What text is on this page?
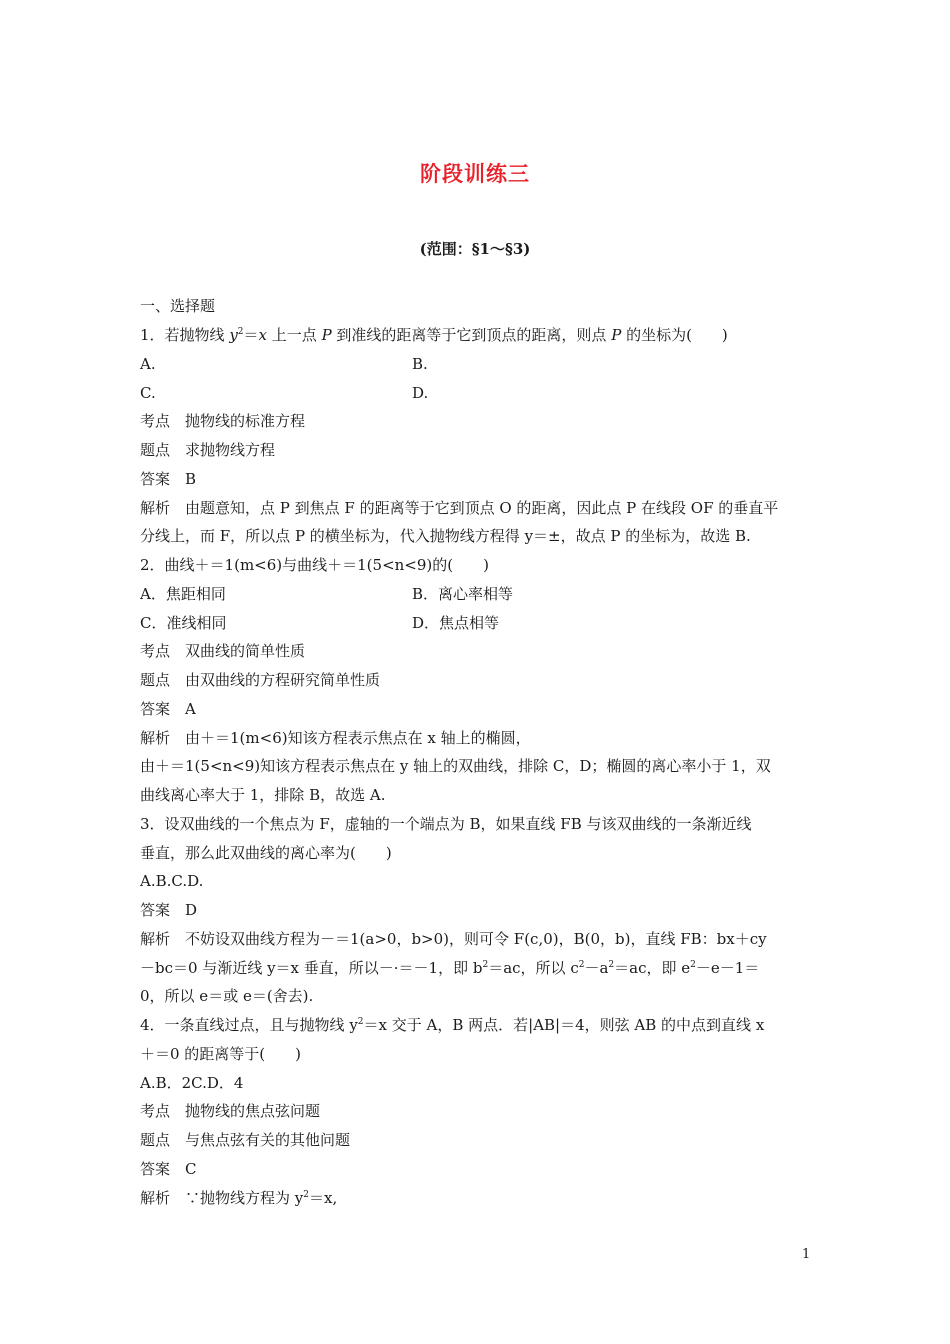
阶段训练三
(范围：§1～§3)
一、选择题
1．若抛物线 $y^2=x$ 上一点 P 到准线的距离等于它到顶点的距离，则点 P 的坐标为(　　)
A.	B.
C.	D.
考点　抛物线的标准方程
题点　求抛物线方程
答案　B
解析　由题意知，点 P 到焦点 F 的距离等于它到顶点 O 的距离，因此点 P 在线段 OF 的垂直平
分线上，而 F，所以点 P 的横坐标为，代入抛物线方程得 y＝±，故点 P 的坐标为，故选 B.
2．曲线＋＝1(m<6)与曲线＋＝1(5<n<9)的(　　)
A．焦距相同	B．离心率相等
C．准线相同	D．焦点相等
考点　双曲线的简单性质
题点　由双曲线的方程研究简单性质
答案　A
解析　由＋＝1(m<6)知该方程表示焦点在 x 轴上的椭圆，
由＋＝1(5<n<9)知该方程表示焦点在 y 轴上的双曲线，排除 C，D；椭圆的离心率小于 1，双
曲线离心率大于 1，排除 B，故选 A.
3．设双曲线的一个焦点为 F，虚轴的一个端点为 B，如果直线 FB 与该双曲线的一条渐近线
垂直，那么此双曲线的离心率为(　　)
A.B.C.D.
答案　D
解析　不妨设双曲线方程为－＝1(a>0，b>0)，则可令 F(c,0)，B(0，b)，直线 FB：bx＋cy
－bc＝0 与渐近线 y＝x 垂直，所以－·＝－1，即 $b^2=ac$，所以 $c^2-a^2=ac$，即 $e^2-e-1=$
0，所以 e＝或 e＝(舍去).
4．一条直线过点，且与抛物线 $y^2=x$ 交于 A，B 两点．若|AB|＝4，则弦 AB 的中点到直线 x
＋＝0 的距离等于(　　)
A.B．2C.D．4
考点　抛物线的焦点弦问题
题点　与焦点弦有关的其他问题
答案　C
解析　∵抛物线方程为 $y^2=x$,
1
